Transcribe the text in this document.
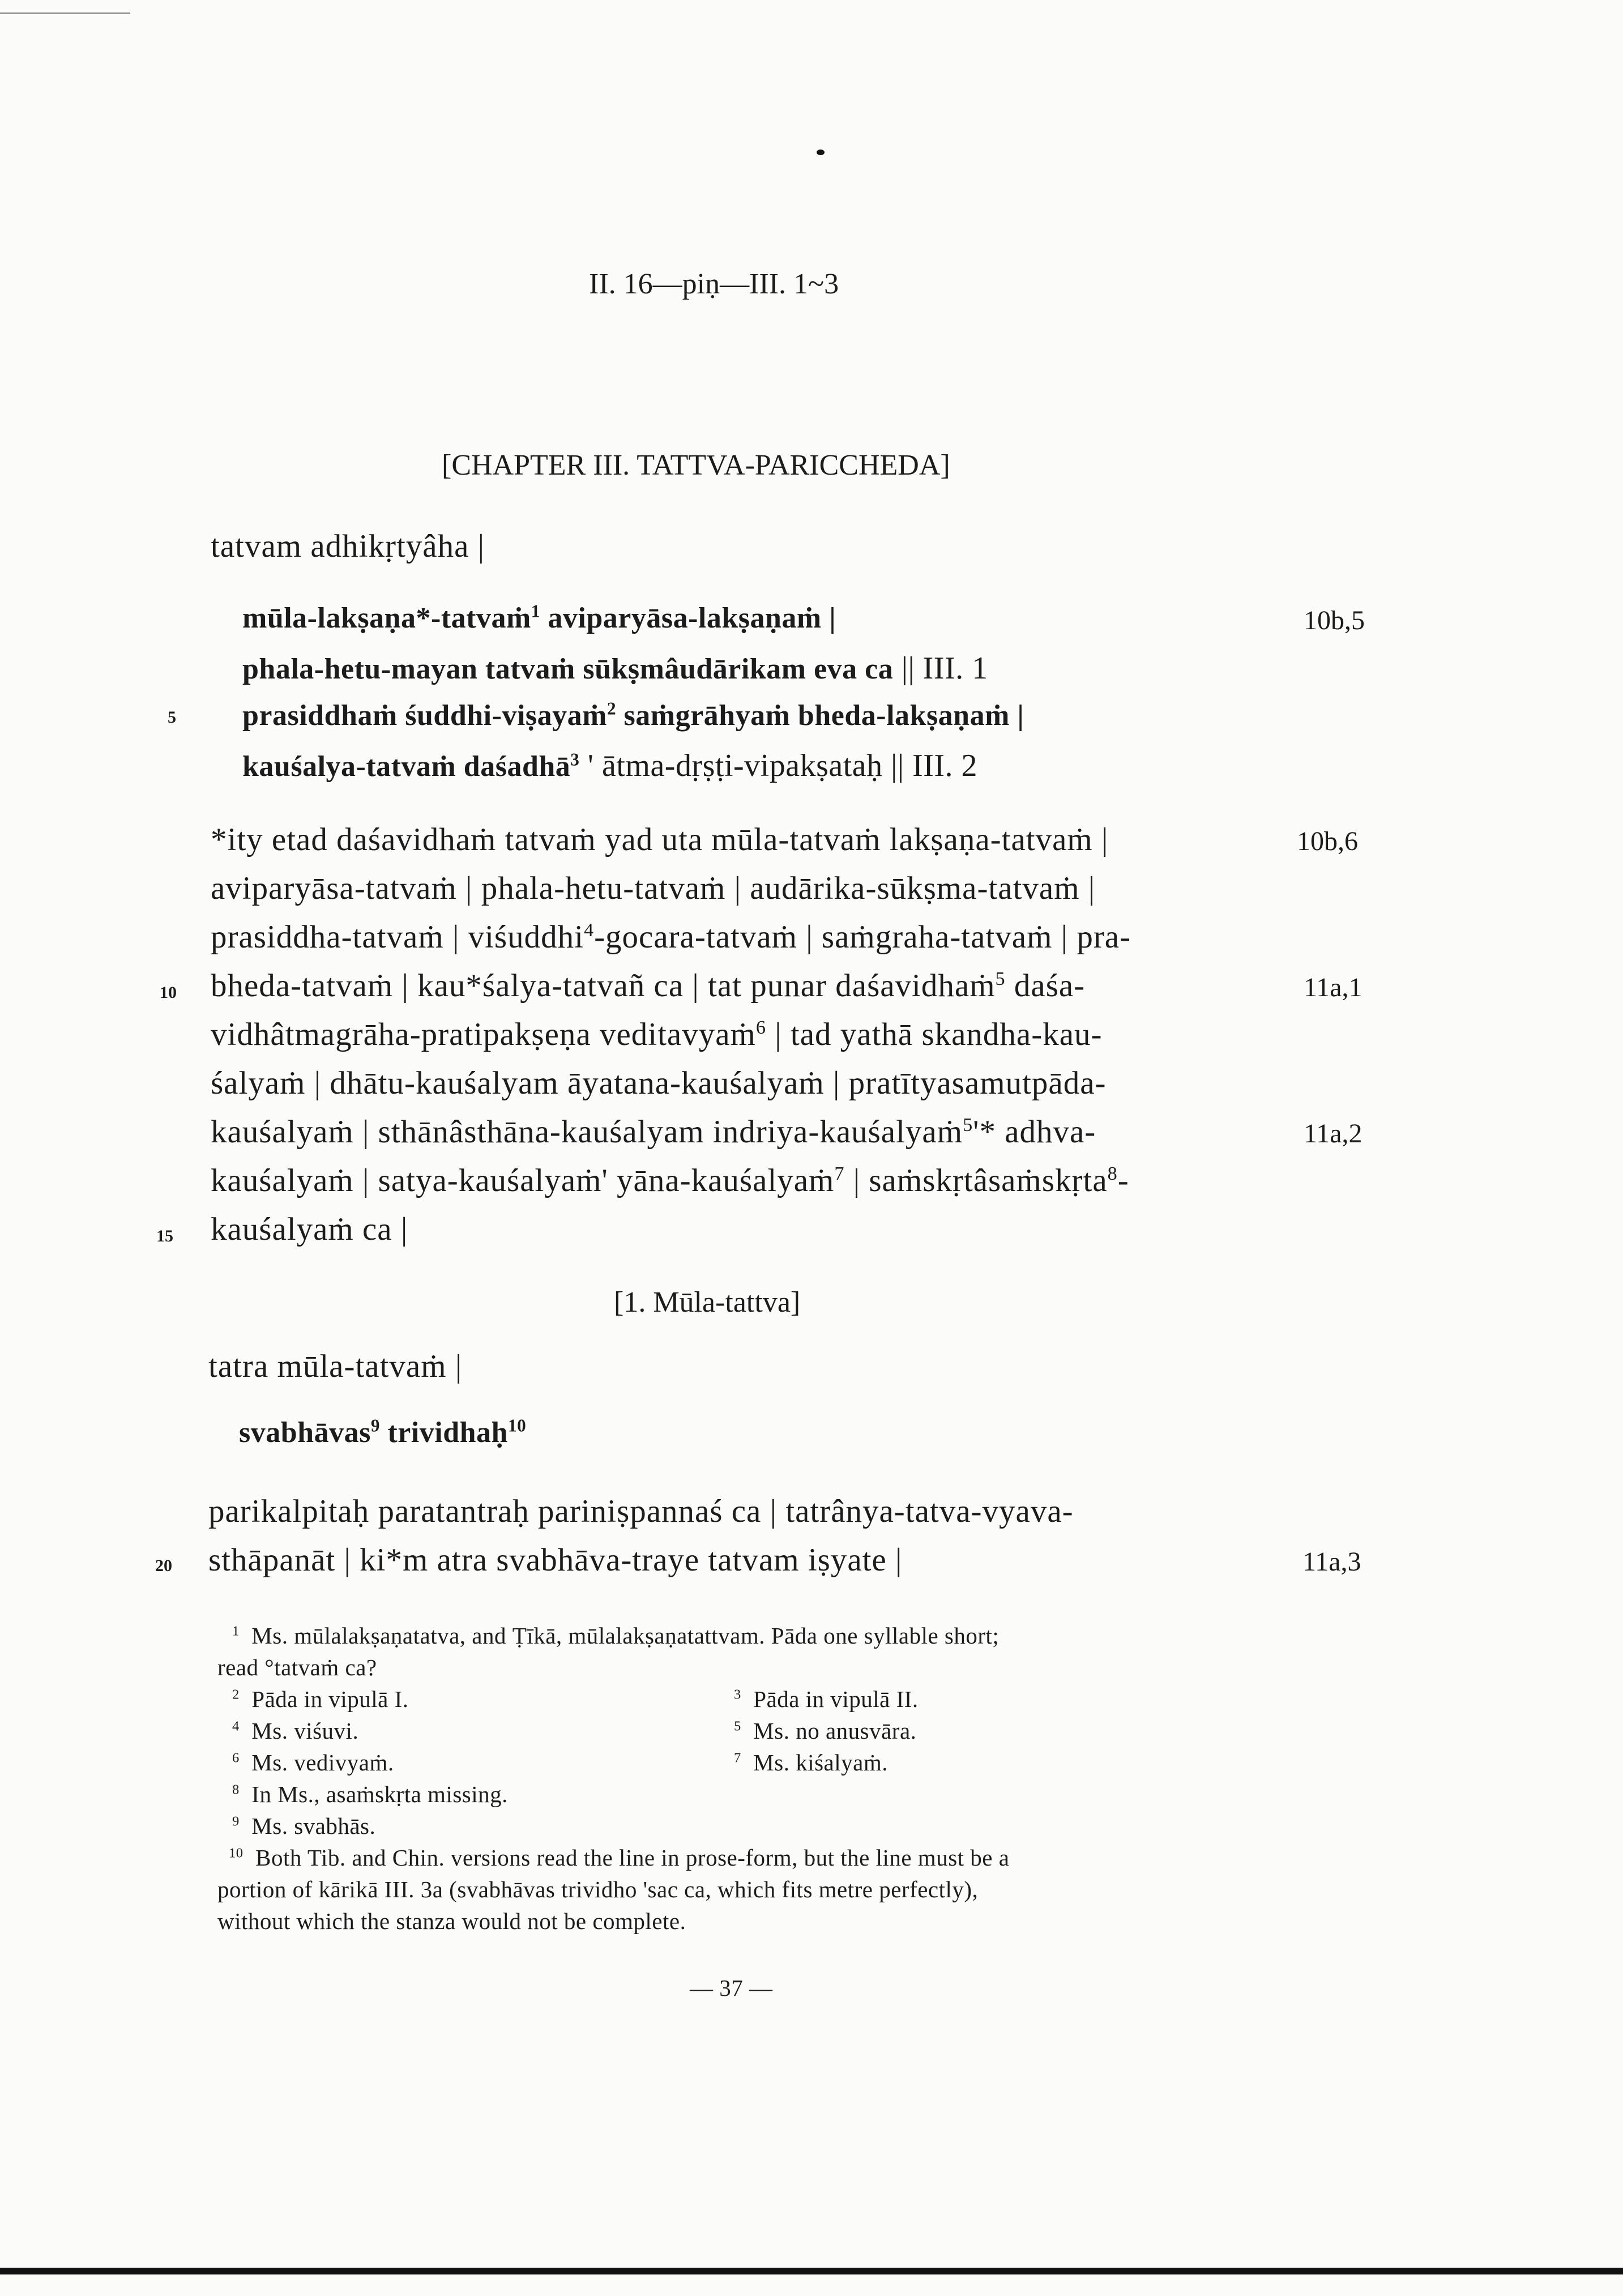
II. 16—piṇ—III. 1~3
[CHAPTER III. TATTVA-PARICCHEDA]
tatvam adhikṛtyâha |
mūla-lakṣaṇa*-tatvaṁ$^1$ aviparyāsa-lakṣaṇaṁ |	10b,5
phala-hetu-mayan tatvaṁ sūkṣmâudārikam eva ca || III. 1
5 prasiddhaṁ śuddhi-viṣayaṁ$^2$ saṁgrāhyaṁ bheda-lakṣaṇaṁ |
kauśalya-tatvaṁ daśadhā$^3$ ' ātma-dṛṣṭi-vipakṣataḥ || III. 2
*ity etad daśavidhaṁ tatvaṁ yad uta mūla-tatvaṁ lakṣaṇa-tatvaṁ |	10b,6
aviparyāsa-tatvaṁ | phala-hetu-tatvaṁ | audārika-sūkṣma-tatvaṁ |
prasiddha-tatvaṁ | viśuddhi$^4$-gocara-tatvaṁ | saṁgraha-tatvaṁ | pra-
10 bheda-tatvaṁ | kau*śalya-tatvañ ca | tat punar daśavidhaṁ$^5$ daśa-	11a,1
vidhâtmagrāha-pratipakṣeṇa veditavyaṁ$^6$ | tad yathā skandha-kau-
śalyaṁ | dhātu-kauśalyam āyatana-kauśalyaṁ | pratītyasamutpāda-
kauśalyaṁ | sthānâsthāna-kauśalyam indriya-kauśalyaṁ$^5$'* adhva-	11a,2
kauśalyaṁ | satya-kauśalyaṁ' yāna-kauśalyaṁ$^7$ | saṁskṛtâsaṁskṛta$^8$-
15 kauśalyaṁ ca |
[1. Mūla-tattva]
tatra mūla-tatvaṁ |
svabhāvas$^9$ trividhaḥ$^{10}$
parikalpitaḥ paratantraḥ pariniṣpannaś ca | tatrânya-tatva-vyava-
20 sthāpanāt | ki*m atra svabhāva-traye tatvam iṣyate |	11a,3
$^1$ Ms. mūlalakṣaṇatatva, and Ṭīkā, mūlalakṣaṇatattvam. Pāda one syllable short;
read °tatvaṁ ca?
$^2$ Pāda in vipulā I.	$^3$ Pāda in vipulā II.
$^4$ Ms. viśuvi.	$^5$ Ms. no anusvāra.
$^6$ Ms. vedivyaṁ.	$^7$ Ms. kiśalyaṁ.
$^8$ In Ms., asaṁskṛta missing.
$^9$ Ms. svabhās.
$^{10}$ Both Tib. and Chin. versions read the line in prose-form, but the line must be a
portion of kārikā III. 3a (svabhāvas trividho 'sac ca, which fits metre perfectly),
without which the stanza would not be complete.
— 37 —
